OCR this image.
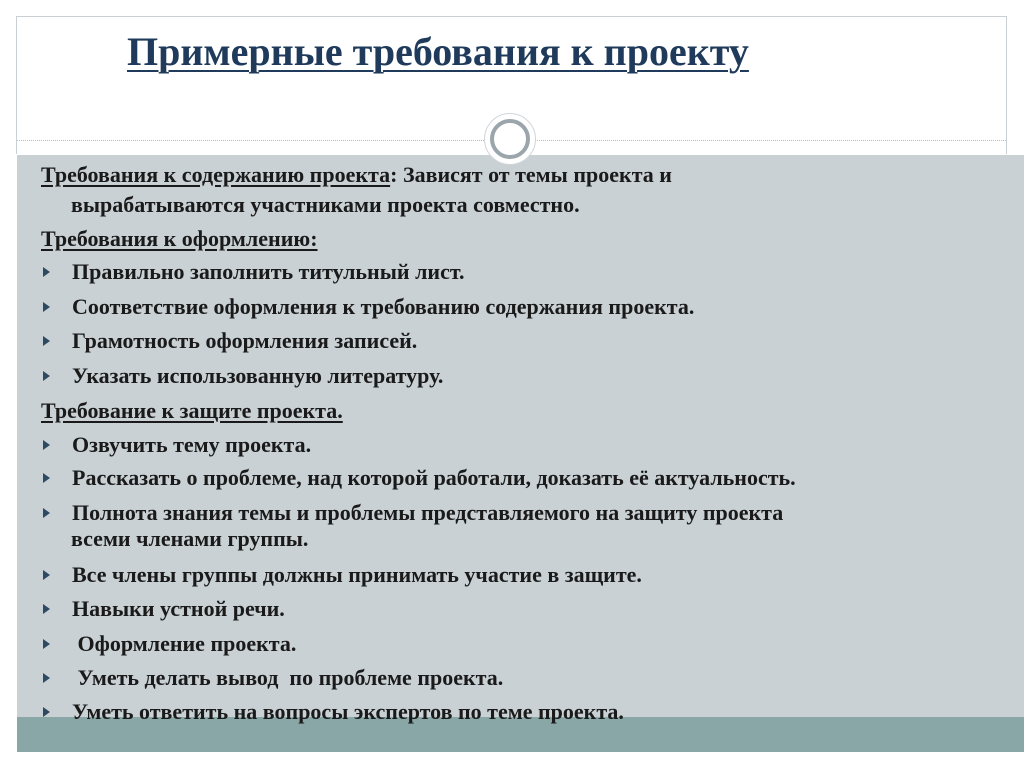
Примерные требования к проекту
Требования к содержанию проекта: Зависят от темы проекта и
вырабатываются участниками проекта совместно.
Требования к оформлению:
Правильно заполнить титульный лист.
Соответствие оформления к требованию содержания проекта.
Грамотность оформления записей.
Указать использованную литературу.
Требование к защите проекта.
Озвучить тему проекта.
Рассказать о проблеме, над которой работали, доказать её актуальность.
Полнота знания темы и проблемы представляемого на защиту проекта
всеми членами группы.
Все члены группы должны принимать участие в защите.
Навыки устной речи.
Оформление проекта.
Уметь делать вывод  по проблеме проекта.
Уметь ответить на вопросы экспертов по теме проекта.
